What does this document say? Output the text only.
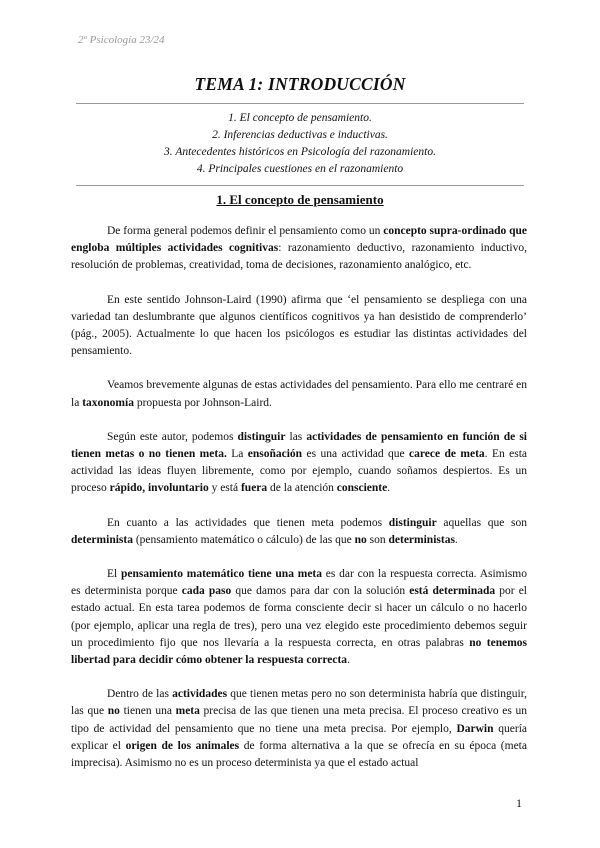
2º Psicología 23/24
TEMA 1: INTRODUCCIÓN
1. El concepto de pensamiento.
2. Inferencias deductivas e inductivas.
3. Antecedentes históricos en Psicología del razonamiento.
4. Principales cuestiones en el razonamiento
1. El concepto de pensamiento

De forma general podemos definir el pensamiento como un concepto supra-ordinado que engloba múltiples actividades cognitivas: razonamiento deductivo, razonamiento inductivo, resolución de problemas, creatividad, toma de decisiones, razonamiento analógico, etc.

En este sentido Johnson-Laird (1990) afirma que ‘el pensamiento se despliega con una variedad tan deslumbrante que algunos científicos cognitivos ya han desistido de comprenderlo’ (pág., 2005). Actualmente lo que hacen los psicólogos es estudiar las distintas actividades del pensamiento.

Veamos brevemente algunas de estas actividades del pensamiento. Para ello me centraré en la taxonomía propuesta por Johnson-Laird.

Según este autor, podemos distinguir las actividades de pensamiento en función de si tienen metas o no tienen meta. La ensoñación es una actividad que carece de meta. En esta actividad las ideas fluyen libremente, como por ejemplo, cuando soñamos despiertos. Es un proceso rápido, involuntario y está fuera de la atención consciente.

En cuanto a las actividades que tienen meta podemos distinguir aquellas que son determinista (pensamiento matemático o cálculo) de las que no son deterministas.

El pensamiento matemático tiene una meta es dar con la respuesta correcta. Asimismo es determinista porque cada paso que damos para dar con la solución está determinada por el estado actual. En esta tarea podemos de forma consciente decir si hacer un cálculo o no hacerlo (por ejemplo, aplicar una regla de tres), pero una vez elegido este procedimiento debemos seguir un procedimiento fijo que nos llevaría a la respuesta correcta, en otras palabras no tenemos libertad para decidir cómo obtener la respuesta correcta.

Dentro de las actividades que tienen metas pero no son determinista habría que distinguir, las que no tienen una meta precisa de las que tienen una meta precisa. El proceso creativo es un tipo de actividad del pensamiento que no tiene una meta precisa. Por ejemplo, Darwin quería explicar el origen de los animales de forma alternativa a la que se ofrecía en su época (meta imprecisa). Asimismo no es un proceso determinista ya que el estado actual

1
